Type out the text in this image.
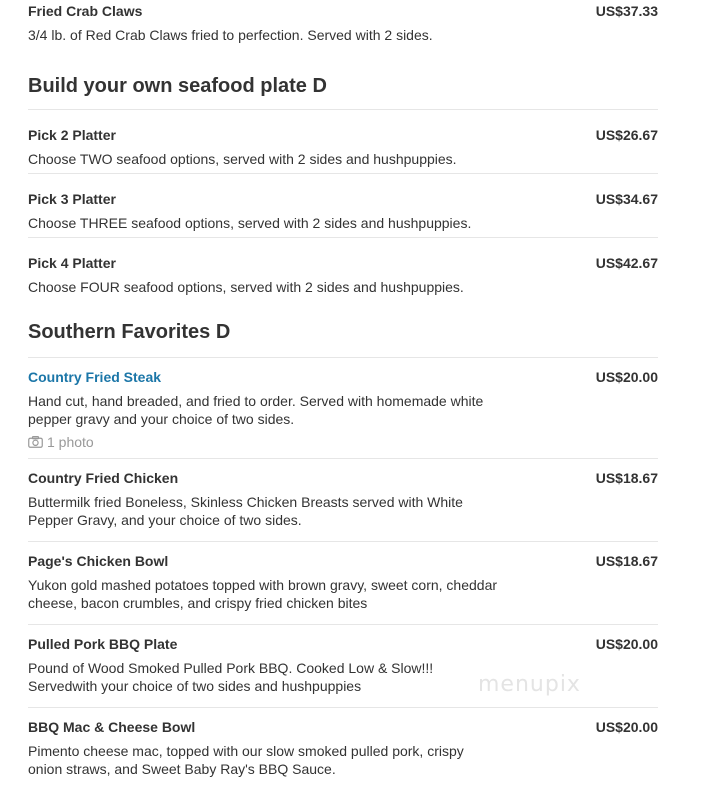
Fried Crab Claws	US$37.33
3/4 lb. of Red Crab Claws fried to perfection. Served with 2 sides.
Build your own seafood plate D
Pick 2 Platter	US$26.67
Choose TWO seafood options, served with 2 sides and hushpuppies.
Pick 3 Platter	US$34.67
Choose THREE seafood options, served with 2 sides and hushpuppies.
Pick 4 Platter	US$42.67
Choose FOUR seafood options, served with 2 sides and hushpuppies.
Southern Favorites D
Country Fried Steak	US$20.00
Hand cut, hand breaded, and fried to order. Served with homemade white pepper gravy and your choice of two sides.
1 photo
Country Fried Chicken	US$18.67
Buttermilk fried Boneless, Skinless Chicken Breasts served with White Pepper Gravy, and your choice of two sides.
Page's Chicken Bowl	US$18.67
Yukon gold mashed potatoes topped with brown gravy, sweet corn, cheddar cheese, bacon crumbles, and crispy fried chicken bites
Pulled Pork BBQ Plate	US$20.00
Pound of Wood Smoked Pulled Pork BBQ. Cooked Low & Slow!!! Servedwith your choice of two sides and hushpuppies
BBQ Mac & Cheese Bowl	US$20.00
Pimento cheese mac, topped with our slow smoked pulled pork, crispy onion straws, and Sweet Baby Ray's BBQ Sauce.
menupix
